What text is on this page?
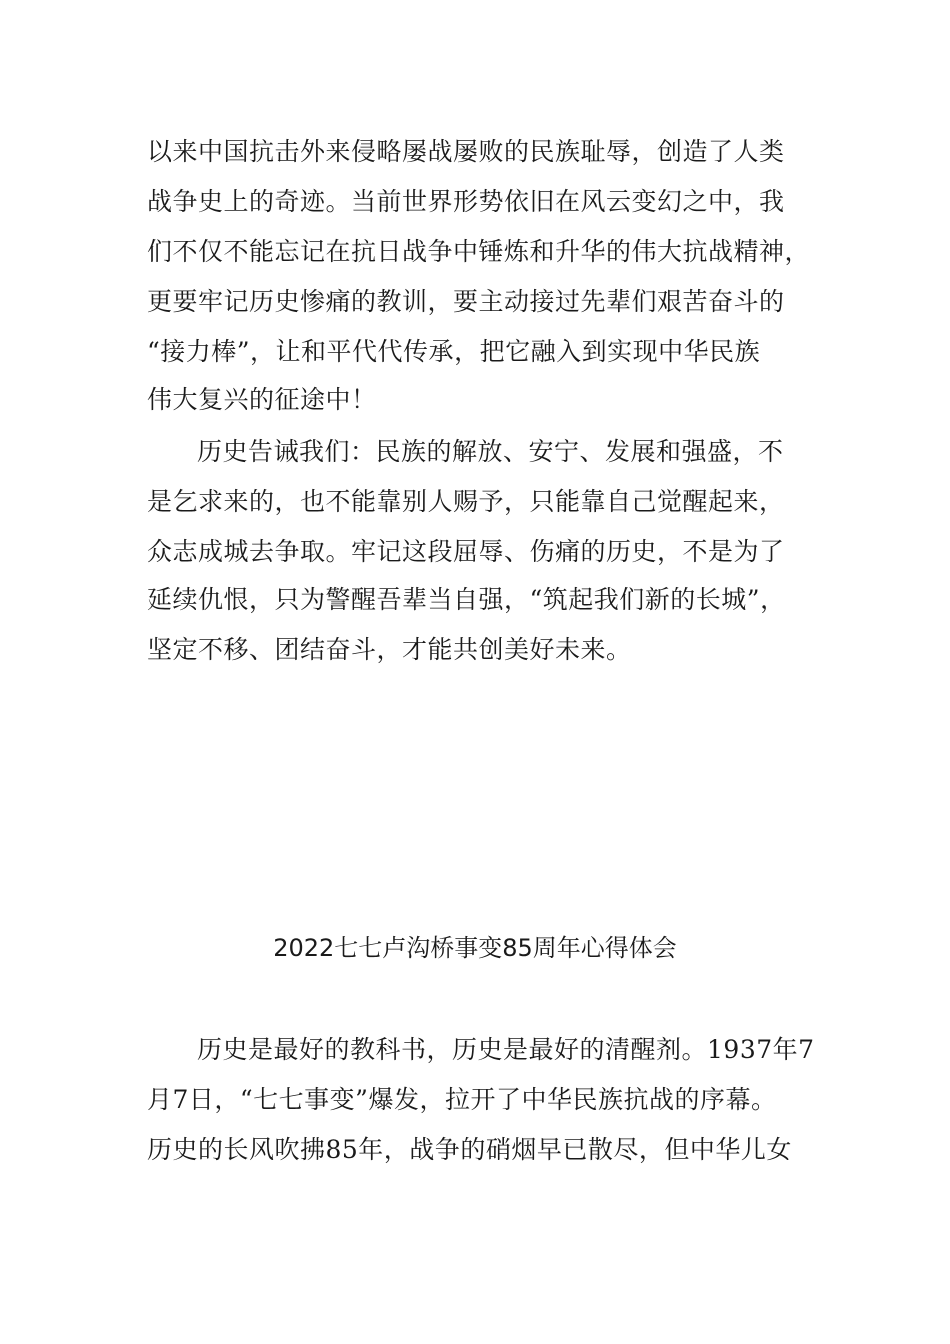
以来中国抗击外来侵略屡战屡败的民族耻辱，创造了人类
战争史上的奇迹。当前世界形势依旧在风云变幻之中，我
们不仅不能忘记在抗日战争中锤炼和升华的伟大抗战精神，
更要牢记历史惨痛的教训，要主动接过先辈们艰苦奋斗的
“接力棒”，让和平代代传承，把它融入到实现中华民族
伟大复兴的征途中！
历史告诫我们：民族的解放、安宁、发展和强盛，不
是乞求来的，也不能靠别人赐予，只能靠自己觉醒起来，
众志成城去争取。牢记这段屈辱、伤痛的历史，不是为了
延续仇恨，只为警醒吾辈当自强，“筑起我们新的长城”，
坚定不移、团结奋斗，才能共创美好未来。
2022七七卢沟桥事变85周年心得体会
历史是最好的教科书，历史是最好的清醒剂。1937年7
月7日，“七七事变”爆发，拉开了中华民族抗战的序幕。
历史的长风吹拂85年，战争的硝烟早已散尽，但中华儿女
